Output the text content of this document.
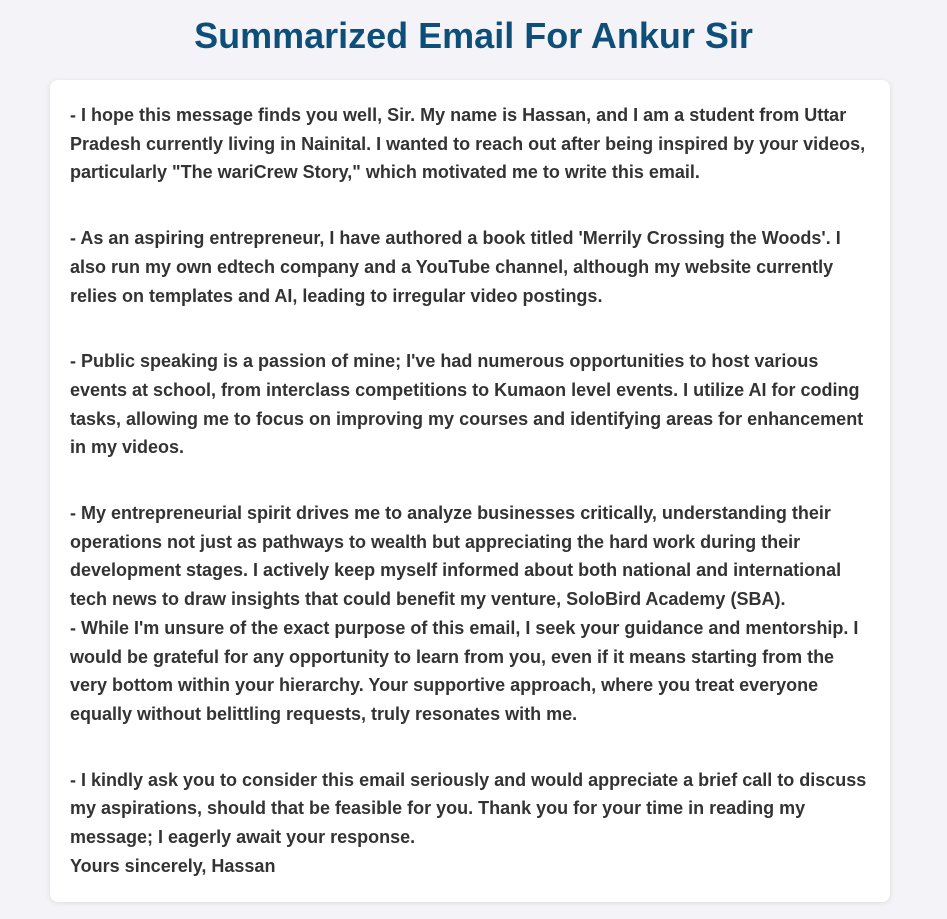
Summarized Email For Ankur Sir

- I hope this message finds you well, Sir. My name is Hassan, and I am a student from Uttar Pradesh currently living in Nainital. I wanted to reach out after being inspired by your videos, particularly "The wariCrew Story," which motivated me to write this email.

- As an aspiring entrepreneur, I have authored a book titled 'Merrily Crossing the Woods'. I also run my own edtech company and a YouTube channel, although my website currently relies on templates and AI, leading to irregular video postings.

- Public speaking is a passion of mine; I've had numerous opportunities to host various events at school, from interclass competitions to Kumaon level events. I utilize AI for coding tasks, allowing me to focus on improving my courses and identifying areas for enhancement in my videos.

- My entrepreneurial spirit drives me to analyze businesses critically, understanding their operations not just as pathways to wealth but appreciating the hard work during their development stages. I actively keep myself informed about both national and international tech news to draw insights that could benefit my venture, SoloBird Academy (SBA).

- While I'm unsure of the exact purpose of this email, I seek your guidance and mentorship. I would be grateful for any opportunity to learn from you, even if it means starting from the very bottom within your hierarchy. Your supportive approach, where you treat everyone equally without belittling requests, truly resonates with me.

- I kindly ask you to consider this email seriously and would appreciate a brief call to discuss my aspirations, should that be feasible for you. Thank you for your time in reading my message; I eagerly await your response.

Yours sincerely, Hassan
